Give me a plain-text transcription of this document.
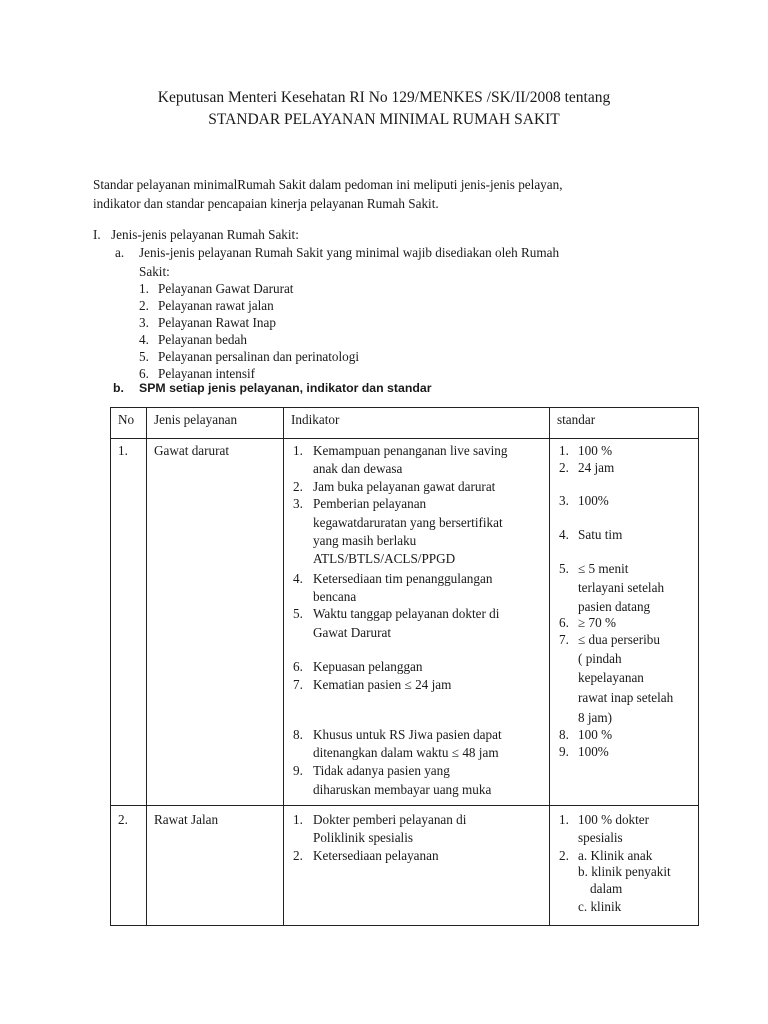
Keputusan Menteri Kesehatan RI No 129/MENKES /SK/II/2008 tentang
STANDAR PELAYANAN MINIMAL RUMAH SAKIT
Standar pelayanan minimalRumah Sakit dalam pedoman ini meliputi jenis-jenis pelayan,
indikator dan standar pencapaian kinerja pelayanan Rumah Sakit.
I. Jenis-jenis pelayanan Rumah Sakit:
a. Jenis-jenis pelayanan Rumah Sakit yang minimal wajib disediakan oleh Rumah
Sakit:
1. Pelayanan Gawat Darurat
2. Pelayanan rawat jalan
3. Pelayanan Rawat Inap
4. Pelayanan bedah
5. Pelayanan persalinan dan perinatologi
6. Pelayanan intensif
b. SPM setiap jenis pelayanan, indikator dan standar
No Jenis pelayanan	Indikator	standar
1. Gawat darurat
2. Rawat Jalan
1. Kemampuan penanganan live saving
anak dan dewasa
2. Jam buka pelayanan gawat darurat
3. Pemberian pelayanan
kegawatdaruratan yang bersertifikat
yang masih berlaku
ATLS/BTLS/ACLS/PPGD
4. Ketersediaan tim penanggulangan
bencana
5. Waktu tanggap pelayanan dokter di
Gawat Darurat
6. Kepuasan pelanggan
7. Kematian pasien ≤ 24 jam
8. Khusus untuk RS Jiwa pasien dapat
ditenangkan dalam waktu ≤ 48 jam
9. Tidak adanya pasien yang
diharuskan membayar uang muka
1. 100 %
2. 24 jam
3. 100%
4. Satu tim
5. ≤ 5 menit
terlayani setelah
pasien datang
6. ≥ 70 %
7. ≤ dua perseribu
( pindah
kepelayanan
rawat inap setelah
8 jam)
8. 100 %
9. 100%
1. Dokter pemberi pelayanan di
Poliklinik spesialis
2. Ketersediaan pelayanan
1. 100 % dokter
spesialis
2. a. Klinik anak
b. klinik penyakit
dalam
c. klinik
